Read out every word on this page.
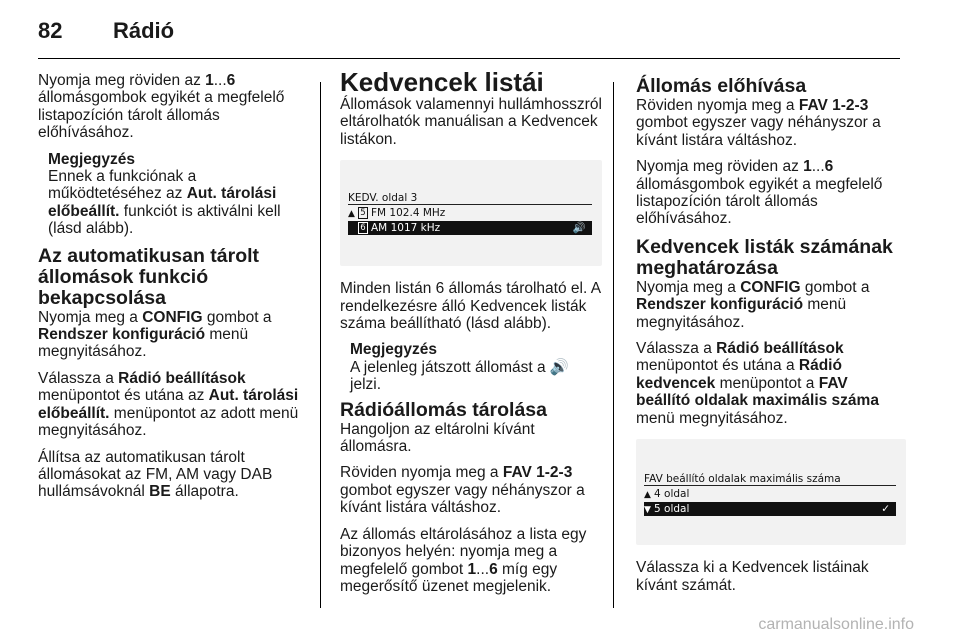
82 Rádió

Nyomja meg röviden az 1...6 állomásgombok egyikét a megfelelő listapozíción tárolt állomás előhívásához.

Megjegyzés
Ennek a funkciónak a működtetéséhez az Aut. tárolási előbeállít. funkciót is aktiválni kell (lásd alább).

Az automatikusan tárolt állomások funkció bekapcsolása

Nyomja meg a CONFIG gombot a Rendszer konfiguráció menü megnyitásához.

Válassza a Rádió beállítások menüpontot és utána az Aut. tárolási előbeállít. menüpontot az adott menü megnyitásához.

Állítsa az automatikusan tárolt állomásokat az FM, AM vagy DAB hullámsávoknál BE állapotra.

Kedvencek listái

Állomások valamennyi hullámhosszról eltárolhatók manuálisan a Kedvencek listákon.

KEDV. oldal 3
▲ 5 FM 102.4 MHz
6 AM 1017 kHz	🔊

Minden listán 6 állomás tárolható el. A rendelkezésre álló Kedvencek listák száma beállítható (lásd alább).

Megjegyzés
A jelenleg játszott állomást a 🔊 jelzi.

Rádióállomás tárolása

Hangoljon az eltárolni kívánt állomásra.

Röviden nyomja meg a FAV 1-2-3 gombot egyszer vagy néhányszor a kívánt listára váltáshoz.

Az állomás eltárolásához a lista egy bizonyos helyén: nyomja meg a megfelelő gombot 1...6 míg egy megerősítő üzenet megjelenik.

Állomás előhívása

Röviden nyomja meg a FAV 1-2-3 gombot egyszer vagy néhányszor a kívánt listára váltáshoz.

Nyomja meg röviden az 1...6 állomásgombok egyikét a megfelelő listapozíción tárolt állomás előhívásához.

Kedvencek listák számának meghatározása

Nyomja meg a CONFIG gombot a Rendszer konfiguráció menü megnyitásához.

Válassza a Rádió beállítások menüpontot és utána a Rádió kedvencek menüpontot a FAV beállító oldalak maximális száma menü megnyitásához.

FAV beállító oldalak maximális száma
▲ 4 oldal
▼ 5 oldal	✓

Válassza ki a Kedvencek listáinak kívánt számát.

carmanualsonline.info
